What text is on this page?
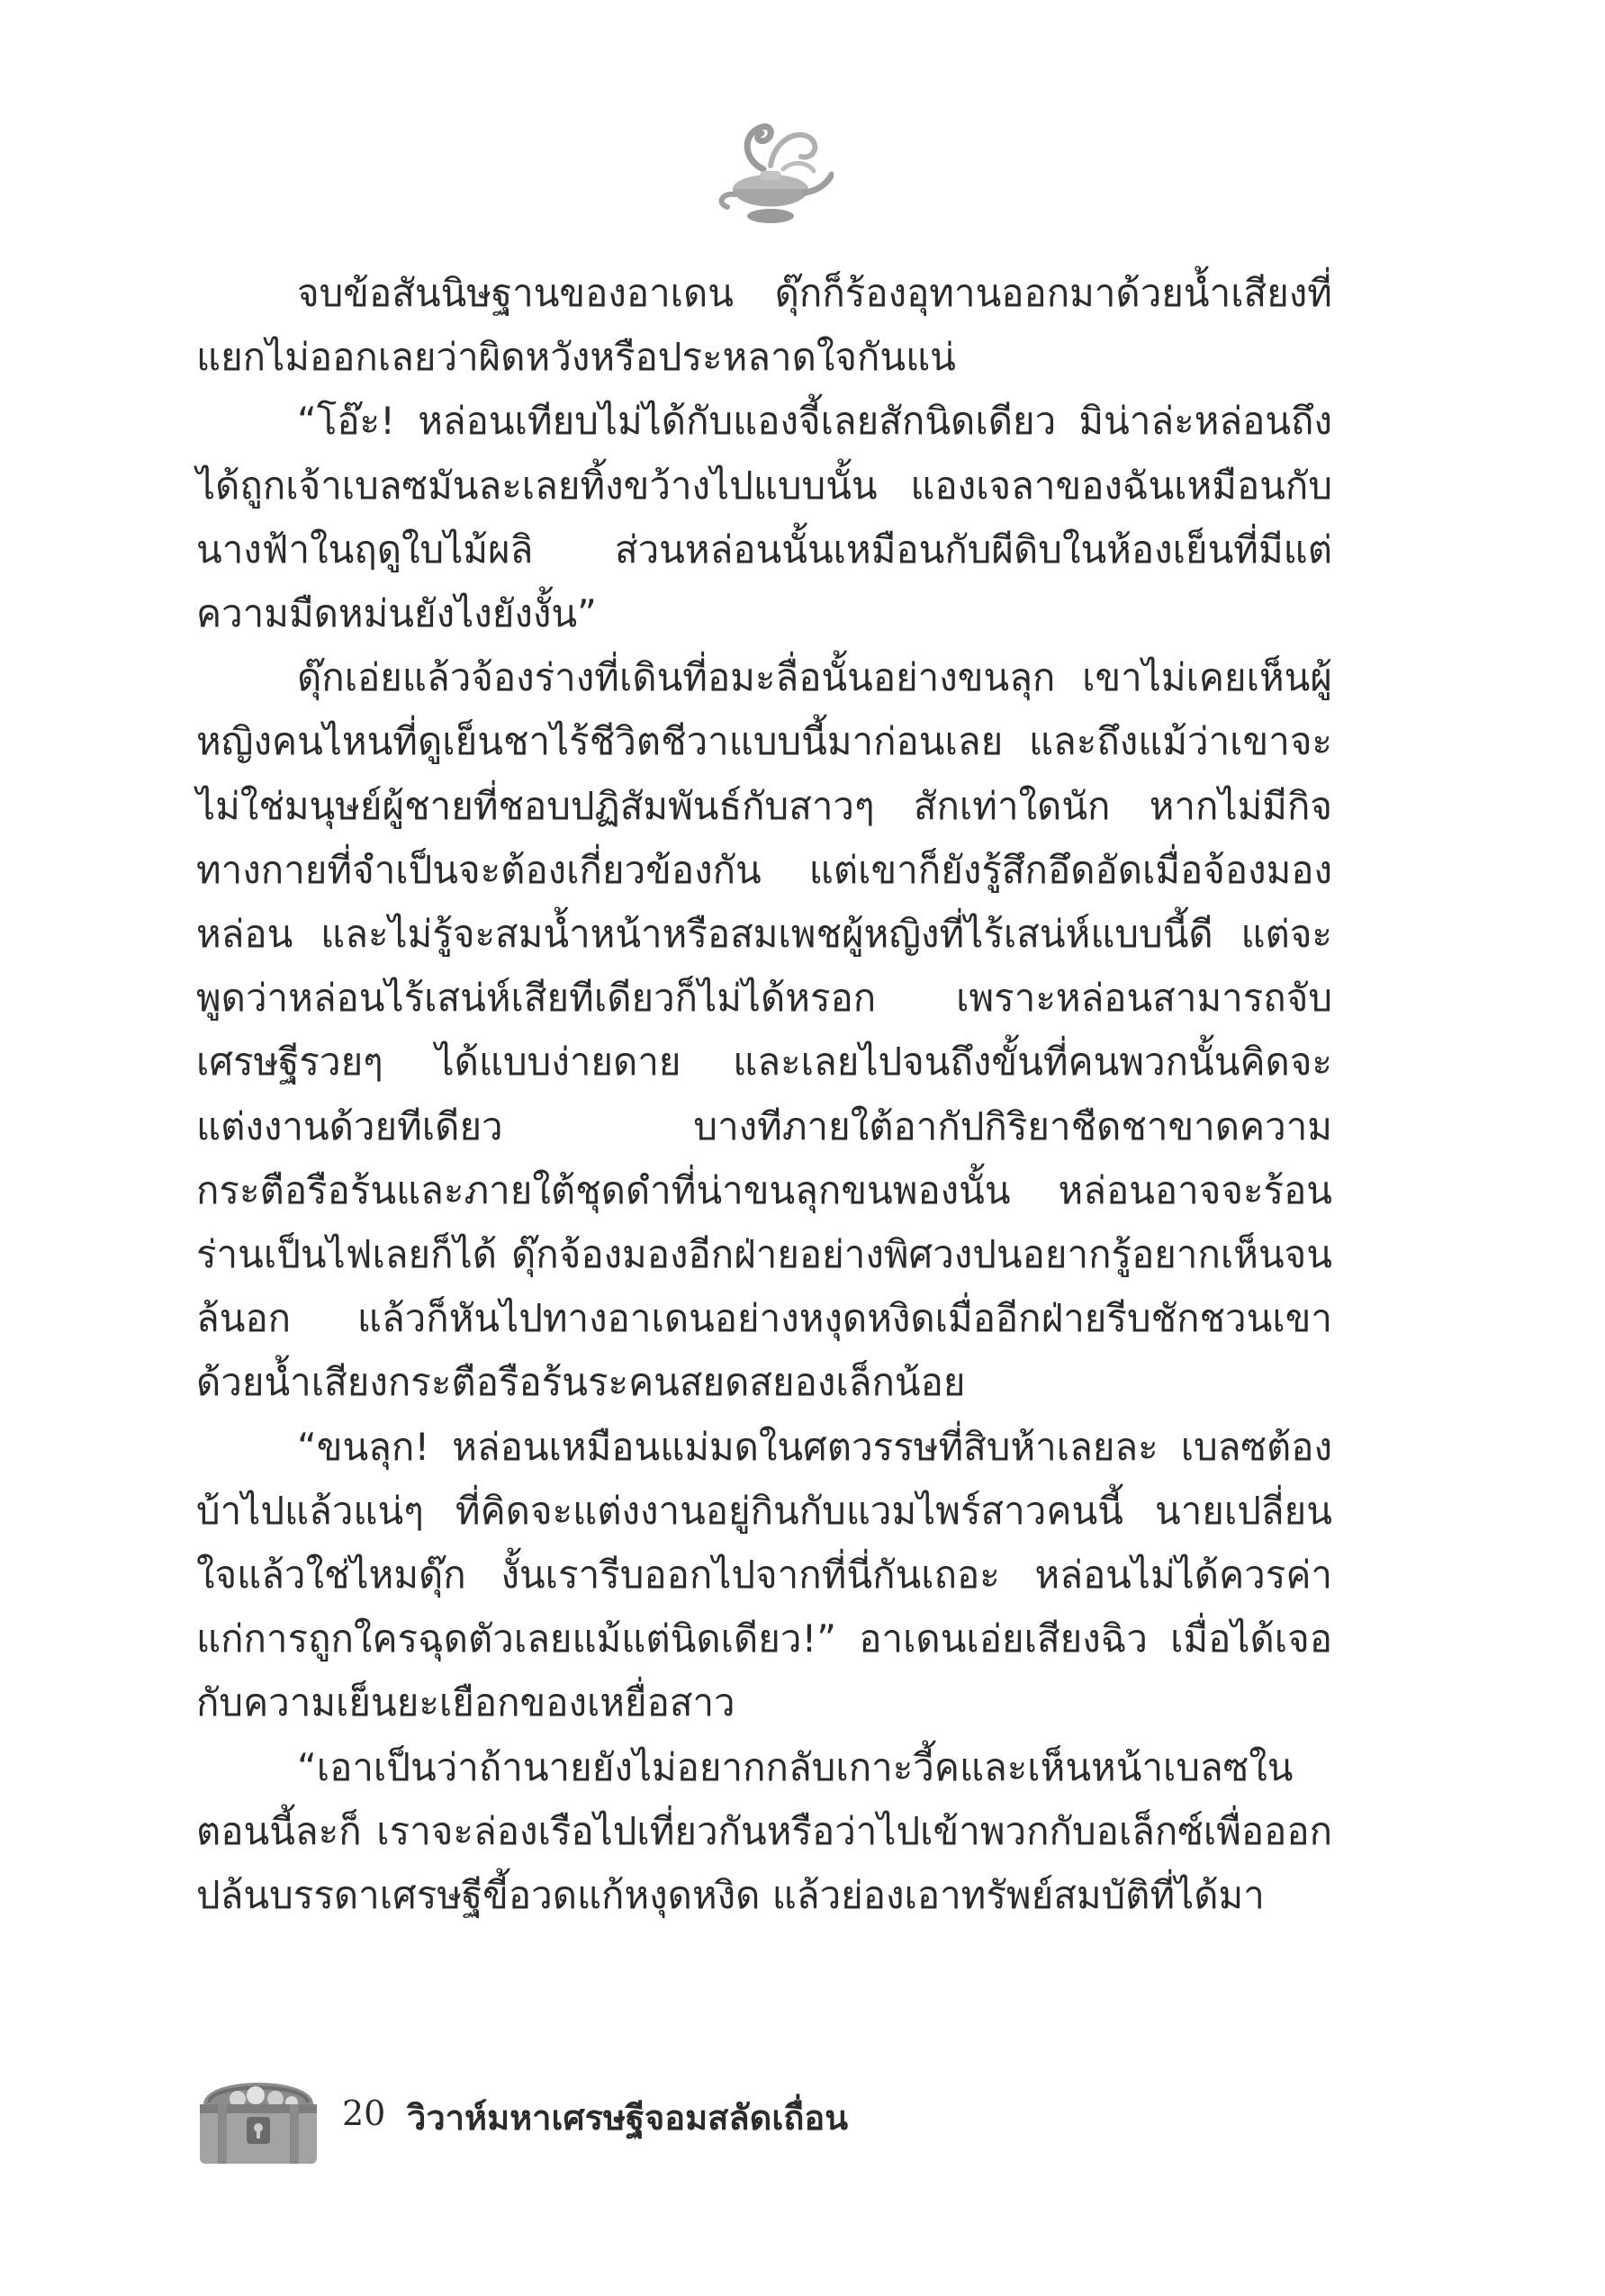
จบข้อสันนิษฐานของอาเดน ดุ๊กก็ร้องอุทานออกมาด้วยน้ำเสียงที่แยกไม่ออกเลยว่าผิดหวังหรือประหลาดใจกันแน่

“โอ๊ะ! หล่อนเทียบไม่ได้กับแองจี้เลยสักนิดเดียว มิน่าล่ะหล่อนถึงได้ถูกเจ้าเบลซมันละเลยทิ้งขว้างไปแบบนั้น แองเจลาของฉันเหมือนกับนางฟ้าในฤดูใบไม้ผลิ ส่วนหล่อนนั้นเหมือนกับผีดิบในห้องเย็นที่มีแต่ความมืดหม่นยังไงยังงั้น”

ดุ๊กเอ่ยแล้วจ้องร่างที่เดินที่อมะลื่อนั้นอย่างขนลุก เขาไม่เคยเห็นผู้หญิงคนไหนที่ดูเย็นชาไร้ชีวิตชีวาแบบนี้มาก่อนเลย และถึงแม้ว่าเขาจะไม่ใช่มนุษย์ผู้ชายที่ชอบปฏิสัมพันธ์กับสาวๆ สักเท่าใดนัก หากไม่มีกิจทางกายที่จำเป็นจะต้องเกี่ยวข้องกัน แต่เขาก็ยังรู้สึกอึดอัดเมื่อจ้องมองหล่อน และไม่รู้จะสมน้ำหน้าหรือสมเพชผู้หญิงที่ไร้เสน่ห์แบบนี้ดี แต่จะพูดว่าหล่อนไร้เสน่ห์เสียทีเดียวก็ไม่ได้หรอก เพราะหล่อนสามารถจับเศรษฐีรวยๆ ได้แบบง่ายดาย และเลยไปจนถึงขั้นที่คนพวกนั้นคิดจะแต่งงานด้วยทีเดียว บางทีภายใต้อากัปกิริยาชืดชาขาดความกระตือรือร้นและภายใต้ชุดดำที่น่าขนลุกขนพองนั้น หล่อนอาจจะร้อนร่านเป็นไฟเลยก็ได้ ดุ๊กจ้องมองอีกฝ่ายอย่างพิศวงปนอยากรู้อยากเห็นจนล้นอก แล้วก็หันไปทางอาเดนอย่างหงุดหงิดเมื่ออีกฝ่ายรีบชักชวนเขาด้วยน้ำเสียงกระตือรือร้นระคนสยดสยองเล็กน้อย

“ขนลุก! หล่อนเหมือนแม่มดในศตวรรษที่สิบห้าเลยละ เบลซต้องบ้าไปแล้วแน่ๆ ที่คิดจะแต่งงานอยู่กินกับแวมไพร์สาวคนนี้ นายเปลี่ยนใจแล้วใช่ไหมดุ๊ก งั้นเรารีบออกไปจากที่นี่กันเถอะ หล่อนไม่ได้ควรค่าแก่การถูกใครฉุดตัวเลยแม้แต่นิดเดียว!” อาเดนเอ่ยเสียงฉิว เมื่อได้เจอกับความเย็นยะเยือกของเหยื่อสาว

“เอาเป็นว่าถ้านายยังไม่อยากกลับเกาะวี้คและเห็นหน้าเบลซในตอนนี้ละก็ เราจะล่องเรือไปเที่ยวกันหรือว่าไปเข้าพวกกับอเล็กซ์เพื่อออกปล้นบรรดาเศรษฐีขี้อวดแก้หงุดหงิด แล้วย่องเอาทรัพย์สมบัติที่ได้มา

20 วิวาห์มหาเศรษฐีจอมสลัดเถื่อน
